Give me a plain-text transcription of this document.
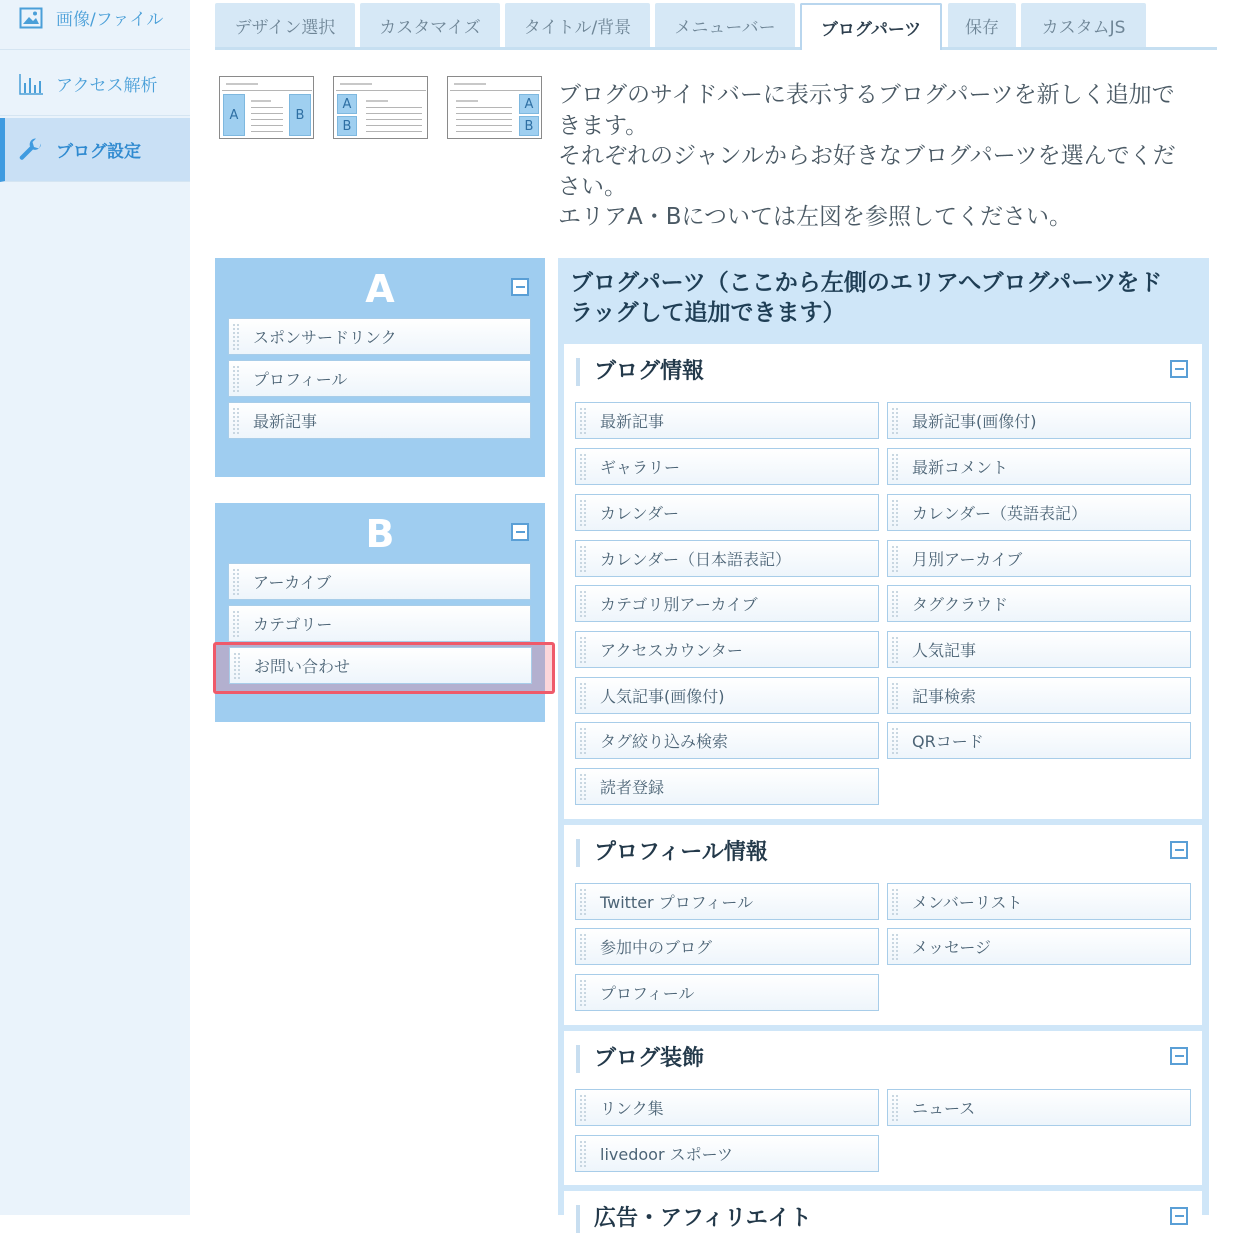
画像/ファイル
アクセス解析
ブログ設定
デザイン選択	カスタマイズ	タイトル/背景	メニューバー	ブログパーツ	保存	カスタムJS
A	B
A
B
A
B

ブログのサイドバーに表示するブログパーツを新しく追加で

きます。

それぞれのジャンルからお好きなブログパーツを選んでくだ

さい。

エリアA・Bについては左図を参照してください。

A
スポンサードリンク
プロフィール
最新記事
B
アーカイブ
カテゴリー
お問い合わせ
ブログパーツ（ここから左側のエリアへブログパーツをド
ラッグして追加できます）
ブログ情報
最新記事	最新記事(画像付)
ギャラリー	最新コメント
カレンダー	カレンダー（英語表記）
カレンダー（日本語表記）	月別アーカイブ
カテゴリ別アーカイブ	タグクラウド
アクセスカウンター	人気記事
人気記事(画像付)	記事検索
タグ絞り込み検索	QRコード
読者登録
プロフィール情報
Twitter プロフィール	メンバーリスト
参加中のブログ	メッセージ
プロフィール
ブログ装飾
リンク集	ニュース
livedoor スポーツ
広告・アフィリエイト
